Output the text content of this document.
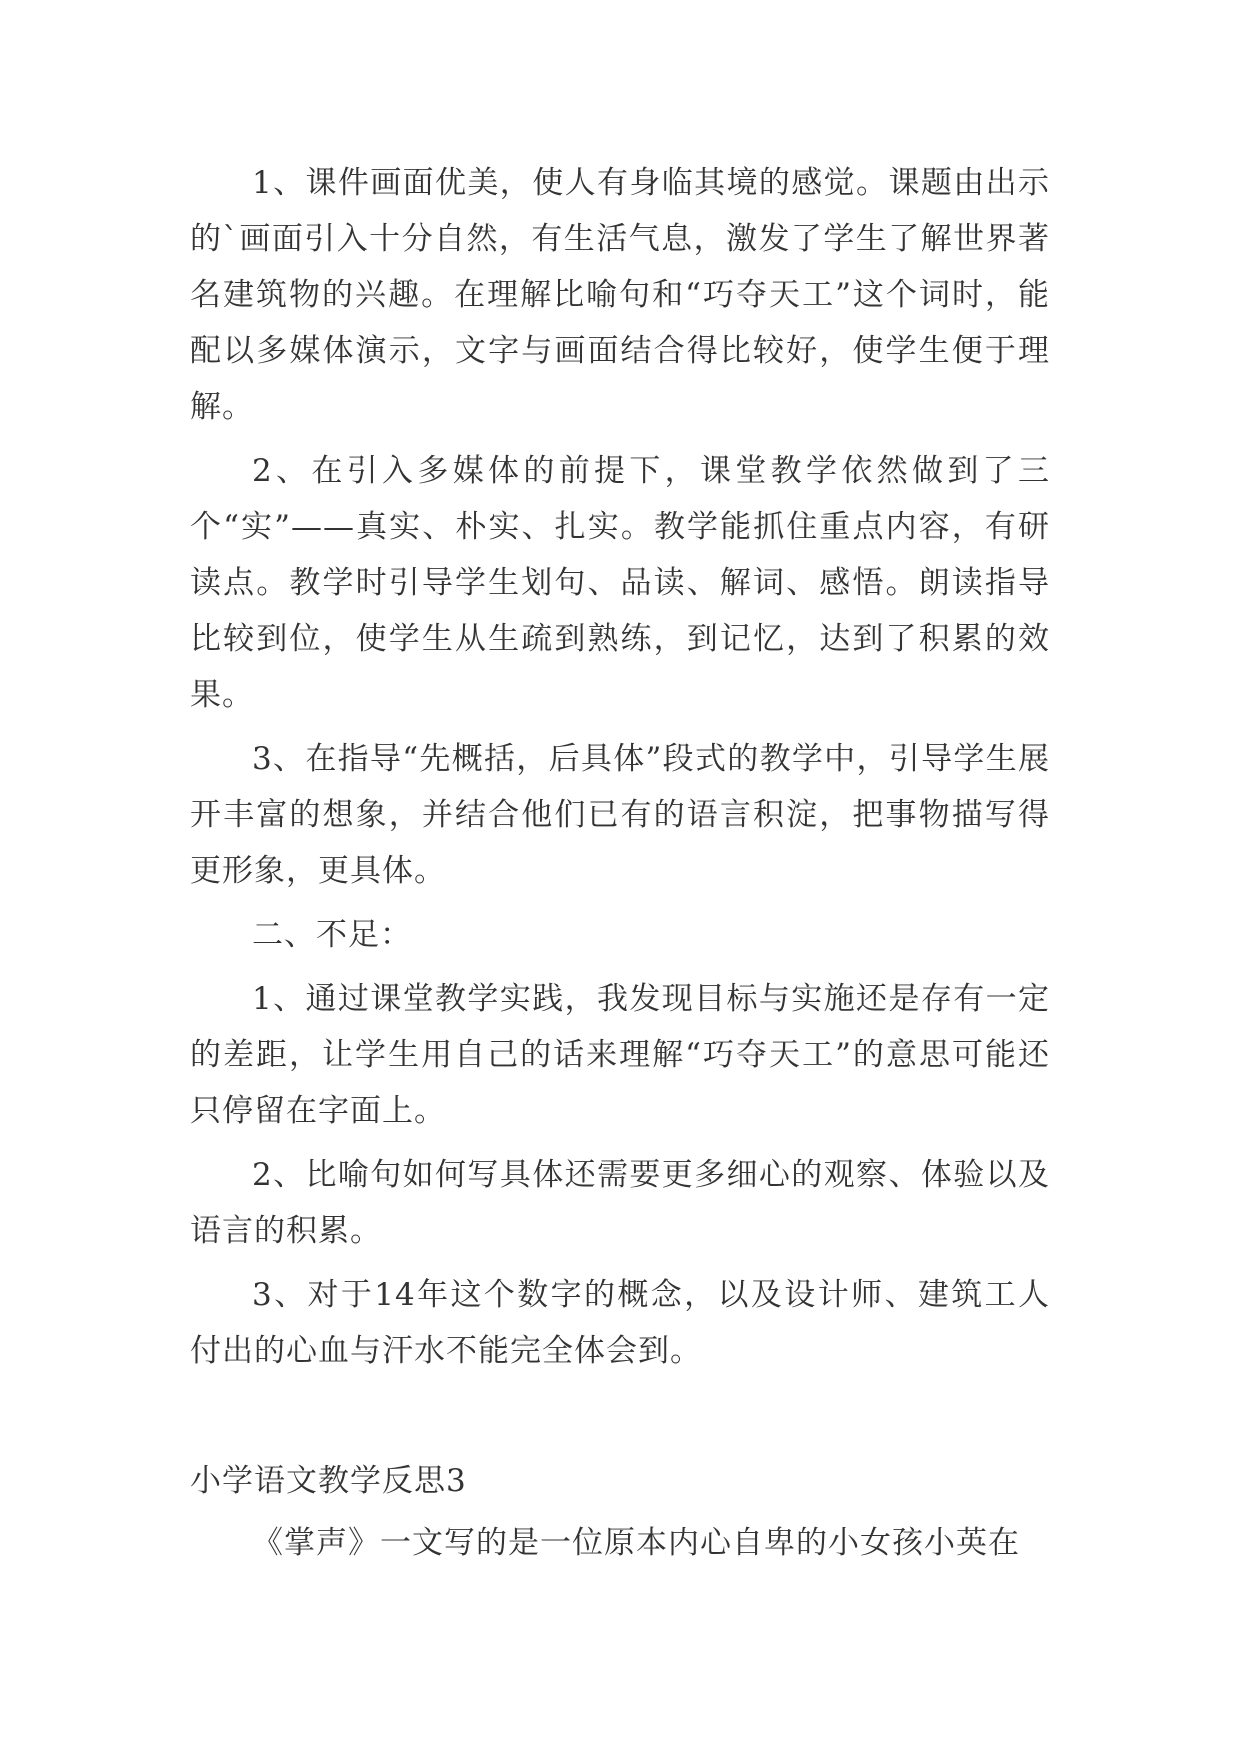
1、课件画面优美，使人有身临其境的感觉。课题由出示的`画面引入十分自然，有生活气息，激发了学生了解世界著名建筑物的兴趣。在理解比喻句和“巧夺天工”这个词时，能配以多媒体演示，文字与画面结合得比较好，使学生便于理解。

2、在引入多媒体的前提下，课堂教学依然做到了三个“实”——真实、朴实、扎实。教学能抓住重点内容，有研读点。教学时引导学生划句、品读、解词、感悟。朗读指导比较到位，使学生从生疏到熟练，到记忆，达到了积累的效果。

3、在指导“先概括，后具体”段式的教学中，引导学生展开丰富的想象，并结合他们已有的语言积淀，把事物描写得更形象，更具体。

二、不足：

1、通过课堂教学实践，我发现目标与实施还是存有一定的差距，让学生用自己的话来理解“巧夺天工”的意思可能还只停留在字面上。

2、比喻句如何写具体还需要更多细心的观察、体验以及语言的积累。

3、对于14年这个数字的概念，以及设计师、建筑工人付出的心血与汗水不能完全体会到。

小学语文教学反思3

《掌声》一文写的是一位原本内心自卑的小女孩小英在
